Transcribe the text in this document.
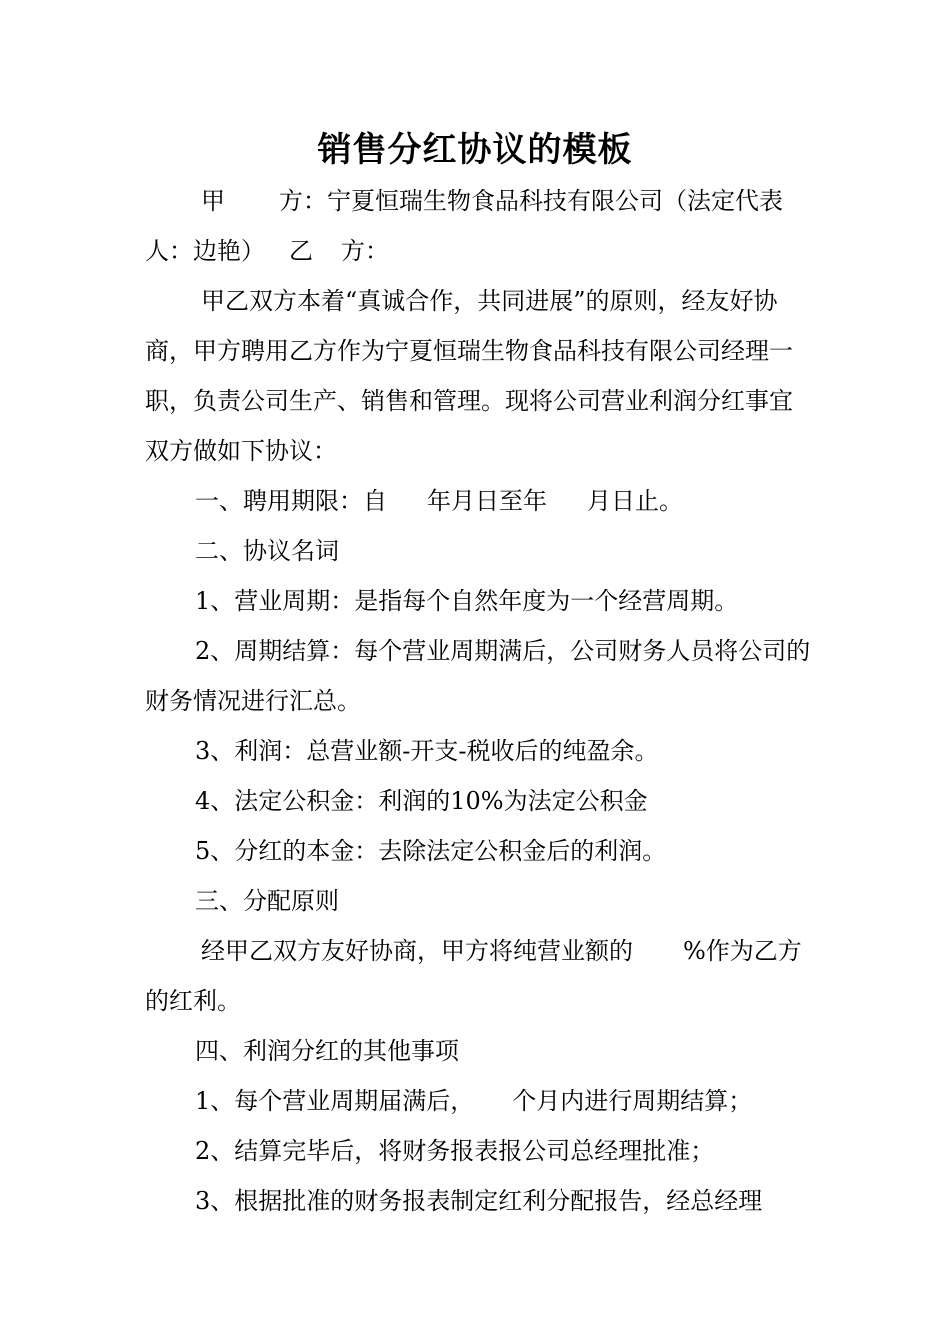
销售分红协议的模板

甲 方：宁夏恒瑞生物食品科技有限公司（法定代表人：边艳） 乙 方：

甲乙双方本着“真诚合作，共同进展”的原则，经友好协商，甲方聘用乙方作为宁夏恒瑞生物食品科技有限公司经理一职，负责公司生产、销售和管理。现将公司营业利润分红事宜双方做如下协议：

一、聘用期限：自 年月日至年 月日止。

二、协议名词

1、营业周期：是指每个自然年度为一个经营周期。

2、周期结算：每个营业周期满后，公司财务人员将公司的财务情况进行汇总。

3、利润：总营业额-开支-税收后的纯盈余。

4、法定公积金：利润的10%为法定公积金

5、分红的本金：去除法定公积金后的利润。

三、分配原则

经甲乙双方友好协商，甲方将纯营业额的 %作为乙方的红利。

四、利润分红的其他事项

1、每个营业周期届满后， 个月内进行周期结算；

2、结算完毕后，将财务报表报公司总经理批准；

3、根据批准的财务报表制定红利分配报告，经总经理
